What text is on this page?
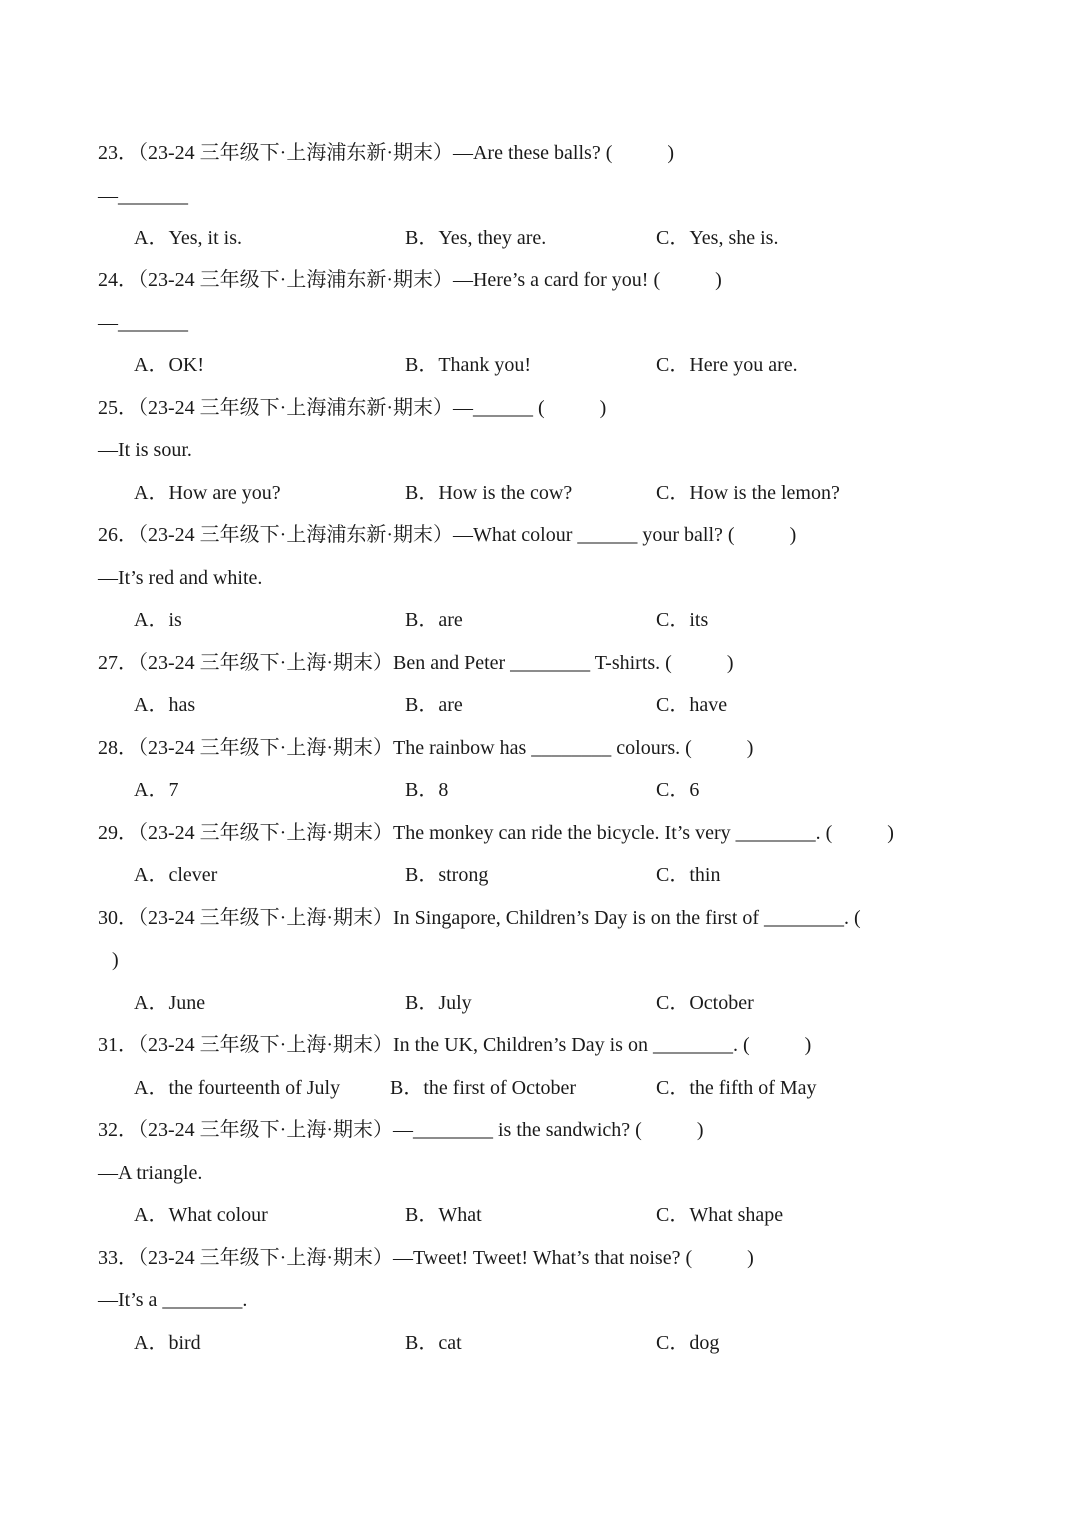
23．（23-24 三年级下·上海浦东新·期末）—Are these balls? (           )
—_______
A．Yes, it is.	B．Yes, they are.	C．Yes, she is.
24．（23-24 三年级下·上海浦东新·期末）—Here’s a card for you! (           )
—_______
A．OK!	B．Thank you!	C．Here you are.
25．（23-24 三年级下·上海浦东新·期末）—______ (           )
—It is sour.
A．How are you?	B．How is the cow?	C．How is the lemon?
26．（23-24 三年级下·上海浦东新·期末）—What colour ______ your ball? (           )
—It’s red and white.
A．is	B．are	C．its
27．（23-24 三年级下·上海·期末）Ben and Peter ________ T-shirts. (           )
A．has	B．are	C．have
28．（23-24 三年级下·上海·期末）The rainbow has ________ colours. (           )
A．7	B．8	C．6
29．（23-24 三年级下·上海·期末）The monkey can ride the bicycle. It’s very ________. (           )
A．clever	B．strong	C．thin
30．（23-24 三年级下·上海·期末）In Singapore, Children’s Day is on the first of ________. (
)
A．June	B．July	C．October
31．（23-24 三年级下·上海·期末）In the UK, Children’s Day is on ________. (           )
A．the fourteenth of July B．the first of October	C．the fifth of May
32．（23-24 三年级下·上海·期末）—________ is the sandwich? (           )
—A triangle.
A．What colour	B．What	C．What shape
33．（23-24 三年级下·上海·期末）—Tweet! Tweet! What’s that noise? (           )
—It’s a ________.
A．bird	B．cat	C．dog
